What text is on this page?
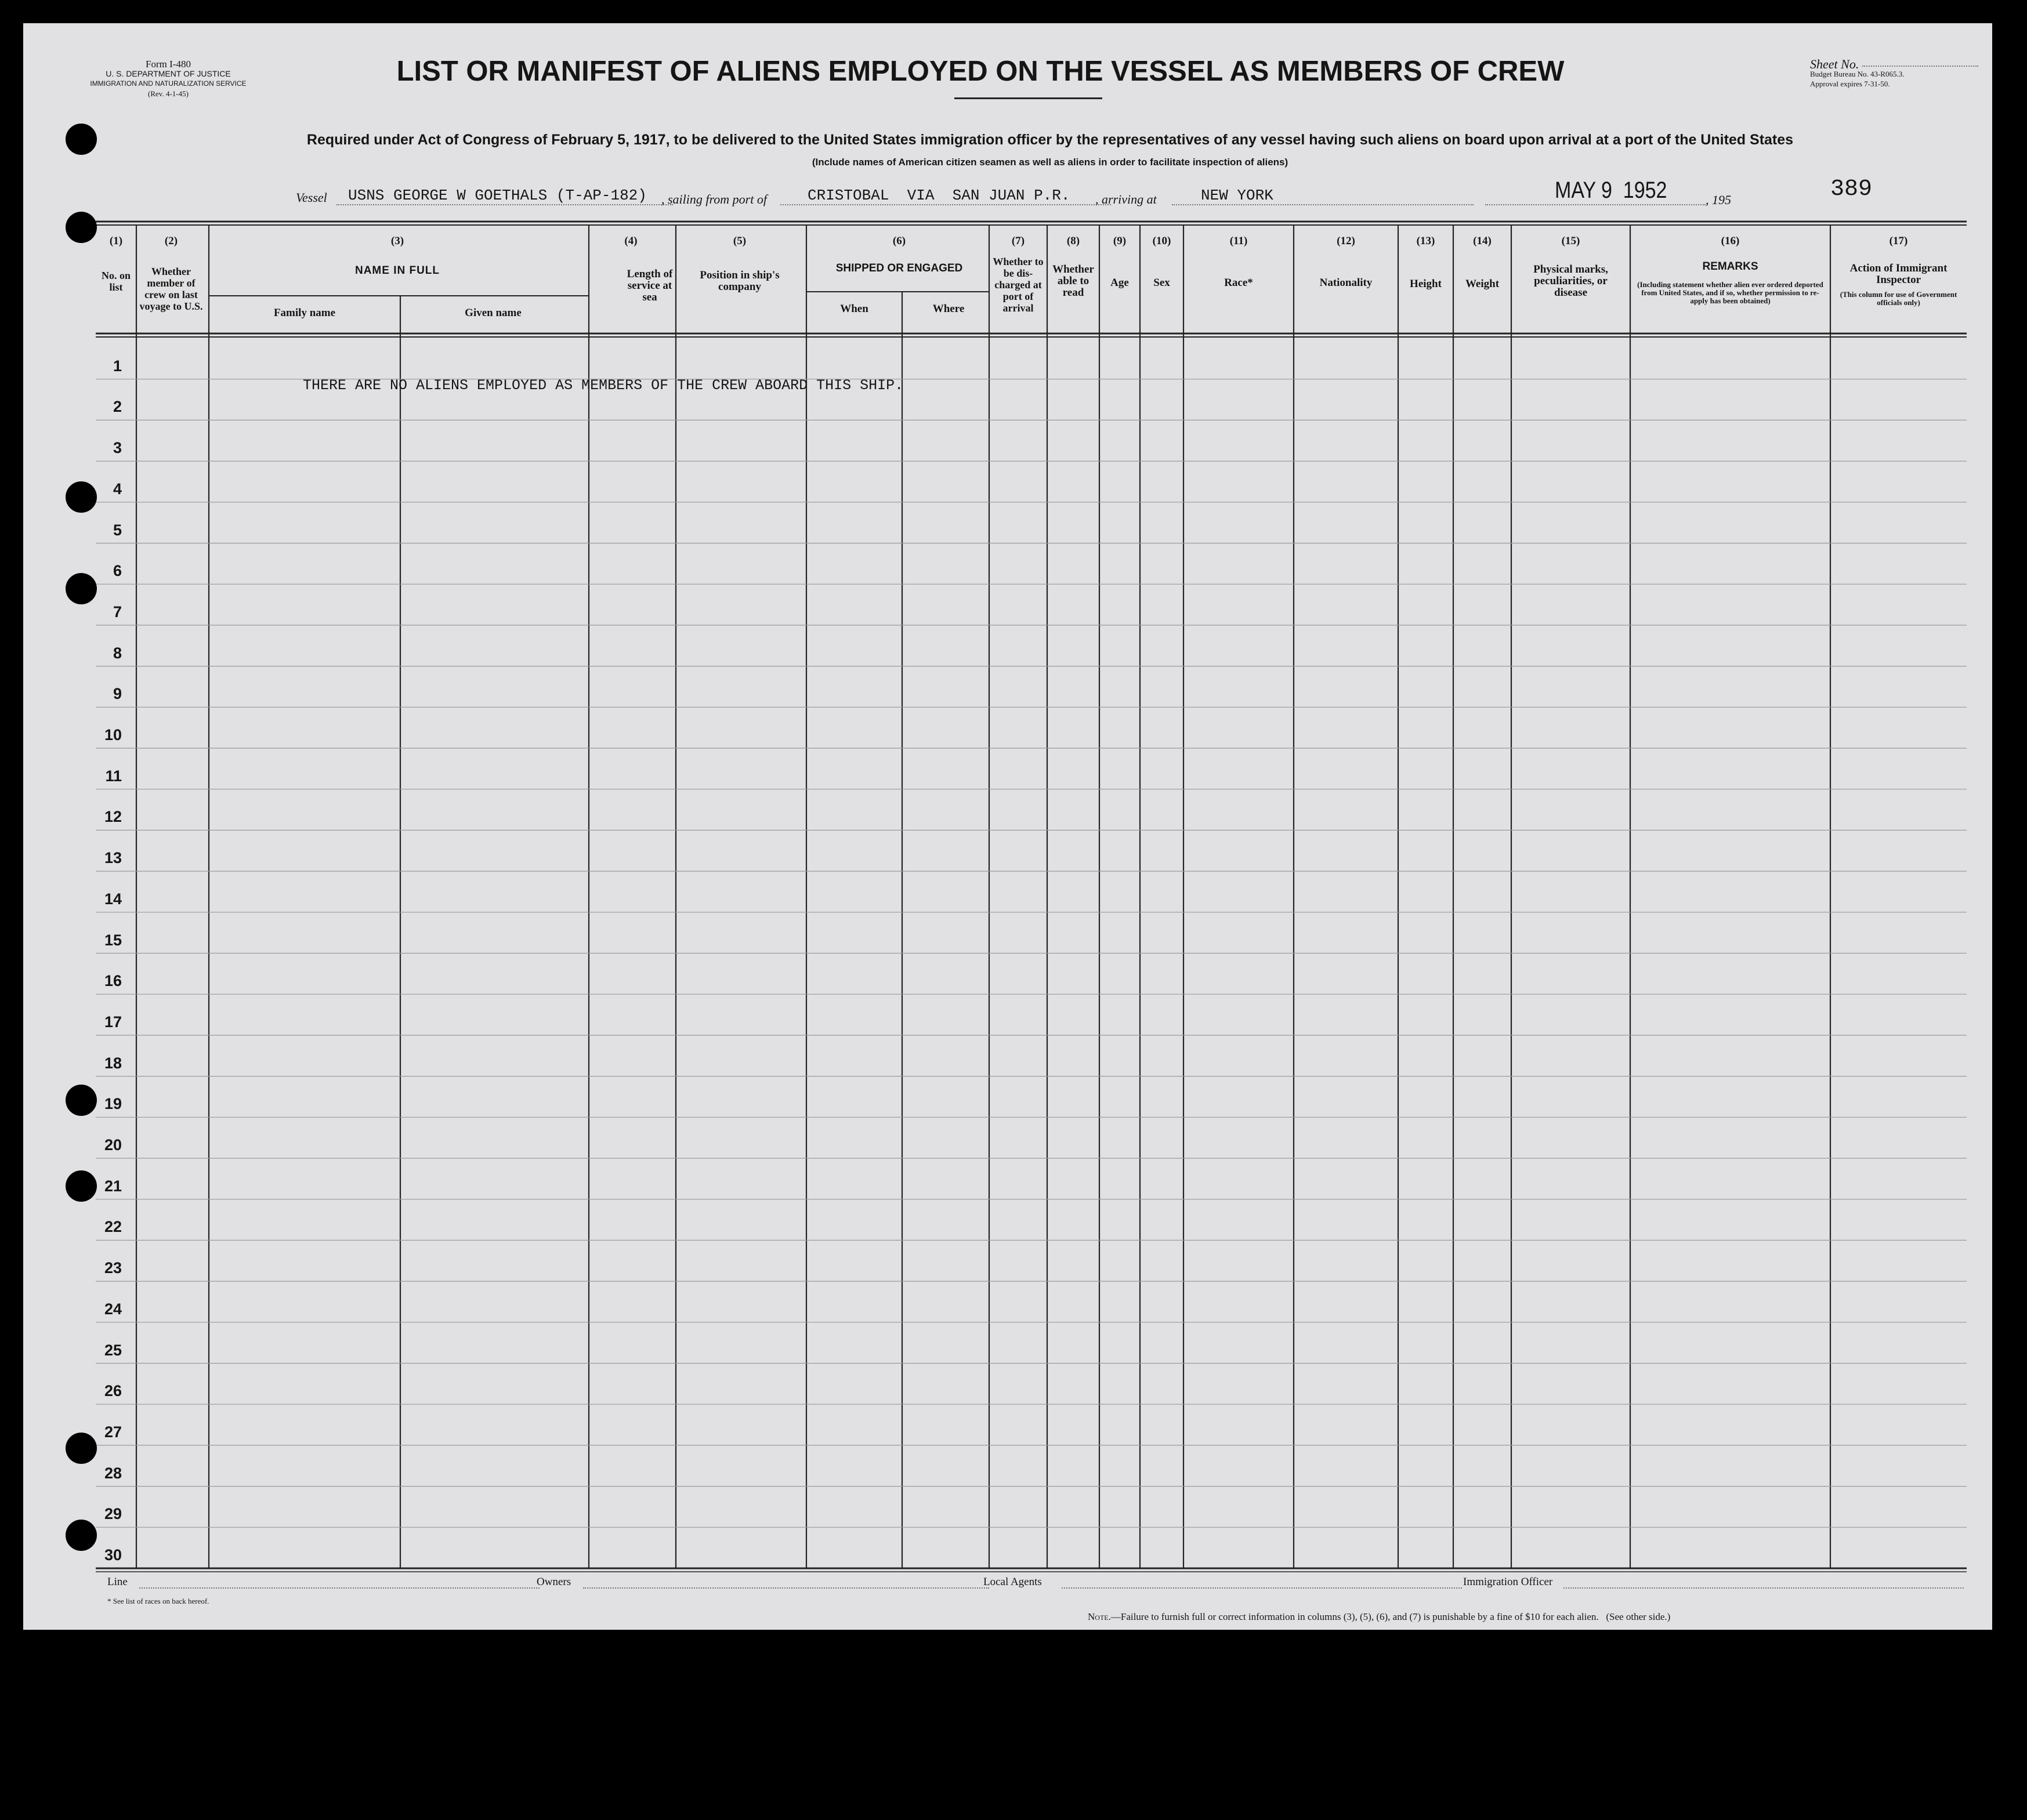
Form I-480
U. S. DEPARTMENT OF JUSTICE
IMMIGRATION AND NATURALIZATION SERVICE
(Rev. 4-1-45)
LIST OR MANIFEST OF ALIENS EMPLOYED ON THE VESSEL AS MEMBERS OF CREW	Sheet No.
Budget Bureau No. 43-R065.3.
Approval expires 7-31-50.
Required under Act of Congress of February 5, 1917, to be delivered to the United States immigration officer by the representatives of any vessel having such aliens on board upon arrival at a port of the United States
(Include names of American citizen seamen as well as aliens in order to facilitate inspection of aliens)
Vessel USNS GEORGE W GOETHALS (T-AP-182) , sailing from port of	CRISTOBAL  VIA  SAN JUAN P.R. , arriving at	NEW YORK	MAY 9  1952	, 195	389
(1)
No. on list
(2)
Whether member of crew on last voyage to U.S.
(3)
NAME IN FULL
Family name	Given name
(4)
Length of service at sea
(5)
Position in ship's company
(6)
SHIPPED OR ENGAGED
When	Where
(7)
Whether to be dis-charged at port of arrival
(8)
Whether able to read
(9)
Age
(10)
Sex
(11)
Race*
(12)
Nationality
(13)
Height
(14)
Weight
(15)
Physical marks, peculiarities, or disease
(16)
REMARKS
(Including statement whether alien ever ordered deported from United States, and if so, whether permission to re-apply has been obtained)
(17)
Action of Immigrant Inspector
(This column for use of Government officials only)
1
2
3
4
5
6
7
8
9
10
11
12
13
14
15
16
17
18
19
20
21
22
23
24
25
26
27
28
29
30
THERE ARE NO ALIENS EMPLOYED AS MEMBERS OF THE CREW ABOARD THIS SHIP.
Line	Owners	Local Agents	Immigration Officer
* See list of races on back hereof.

Note.—Failure to furnish full or correct information in columns (3), (5), (6), and (7) is punishable by a fine of $10 for each alien.   (See other side.)
